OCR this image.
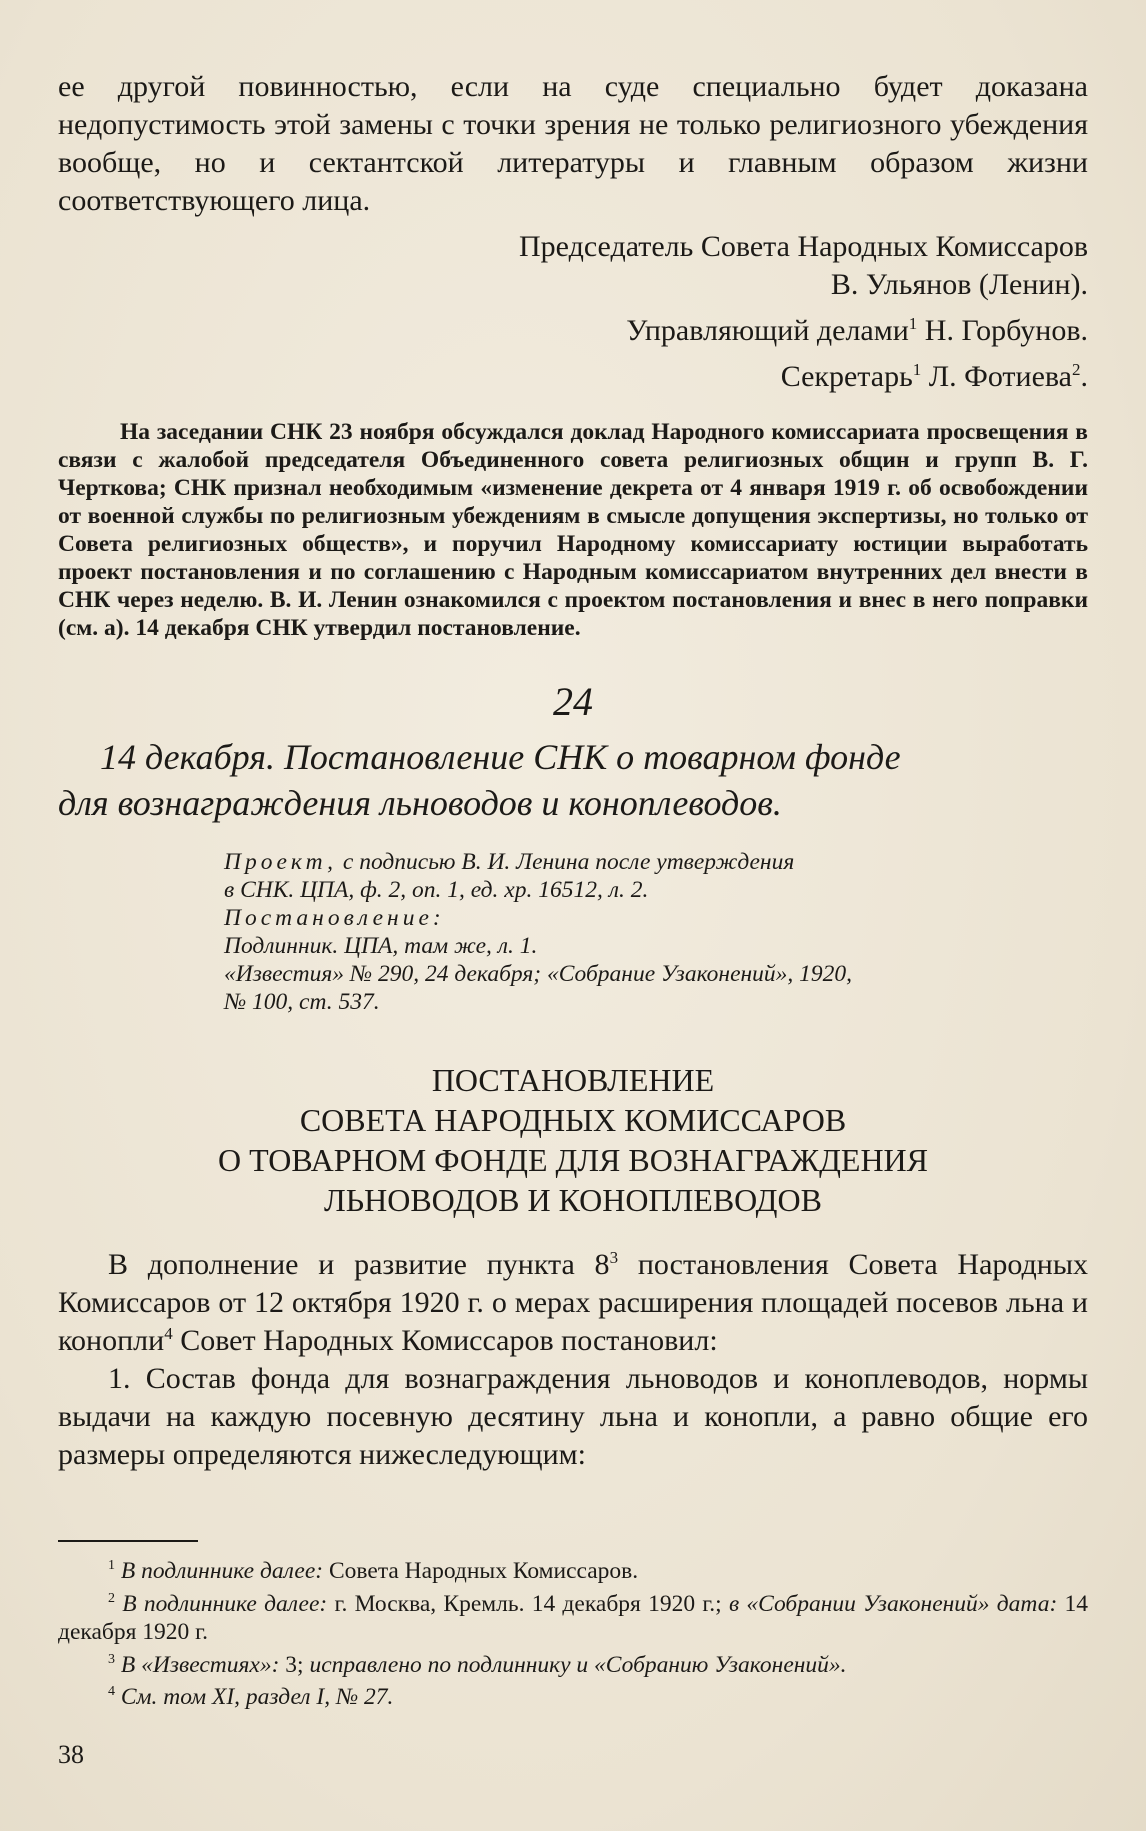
ее другой повинностью, если на суде специально будет доказана недопустимость этой замены с точки зрения не только религиозного убеждения вообще, но и сектантской литературы и главным образом жизни соответствующего лица.

Председатель Совета Народных Комиссаров

В. Ульянов (Ленин).

Управляющий делами$^1$ Н. Горбунов.

Секретарь$^1$ Л. Фотиева$^2$.

На заседании СНК 23 ноября обсуждался доклад Народного комиссариата просвещения в связи с жалобой председателя Объединенного совета религиозных общин и групп В. Г. Черткова; СНК признал необходимым «изменение декрета от 4 января 1919 г. об освобождении от военной службы по религиозным убеждениям в смысле допущения экспертизы, но только от Совета религиозных обществ», и поручил Народному комиссариату юстиции выработать проект постановления и по соглашению с Народным комиссариатом внутренних дел внести в СНК через неделю. В. И. Ленин ознакомился с проектом постановления и внес в него поправки (см. а). 14 декабря СНК утвердил постановление.

24

14 декабря. Постановление СНК о товарном фонде

для вознаграждения льноводов и коноплеводов.

Проект, с подписью В. И. Ленина после утверждения

в СНК. ЦПА, ф. 2, оп. 1, ед. хр. 16512, л. 2.

Постановление:

Подлинник. ЦПА, там же, л. 1.

«Известия» № 290, 24 декабря; «Собрание Узаконений», 1920,

№ 100, ст. 537.

ПОСТАНОВЛЕНИЕ

СОВЕТА НАРОДНЫХ КОМИССАРОВ

О ТОВАРНОМ ФОНДЕ ДЛЯ ВОЗНАГРАЖДЕНИЯ

ЛЬНОВОДОВ И КОНОПЛЕВОДОВ

В дополнение и развитие пункта $8^3$ постановления Совета Народных Комиссаров от 12 октября 1920 г. о мерах расширения площадей посевов льна и конопли$^4$ Совет Народных Комиссаров постановил:

1. Состав фонда для вознаграждения льноводов и коноплеводов, нормы выдачи на каждую посевную десятину льна и конопли, а равно общие его размеры определяются нижеследующим:

$^1$ В подлиннике далее: Совета Народных Комиссаров.

$^2$ В подлиннике далее: г. Москва, Кремль. 14 декабря 1920 г.; в «Собрании Узаконений» дата: 14 декабря 1920 г.

$^3$ В «Известиях»: 3; исправлено по подлиннику и «Собранию Узаконений».

$^4$ См. том XI, раздел I, № 27.

38
